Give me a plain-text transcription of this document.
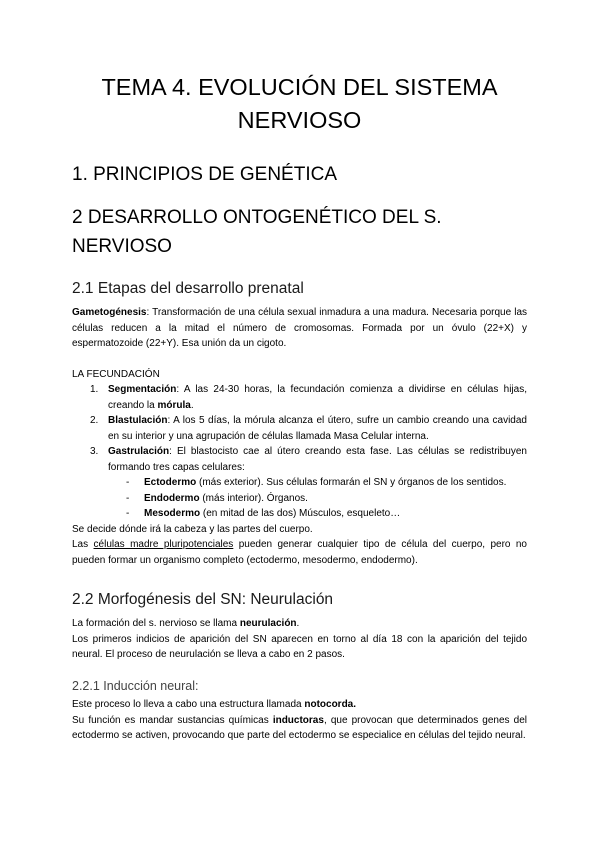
TEMA 4. EVOLUCIÓN DEL SISTEMA NERVIOSO
1. PRINCIPIOS DE GENÉTICA
2 DESARROLLO ONTOGENÉTICO DEL S. NERVIOSO
2.1 Etapas del desarrollo prenatal

Gametogénesis: Transformación de una célula sexual inmadura a una madura. Necesaria porque las células reducen a la mitad el número de cromosomas. Formada por un óvulo (22+X) y espermatozoide (22+Y). Esa unión da un cigoto.

LA FECUNDACIÓN

1. Segmentación: A las 24-30 horas, la fecundación comienza a dividirse en células hijas, creando la mórula.
2. Blastulación: A los 5 días, la mórula alcanza el útero, sufre un cambio creando una cavidad en su interior y una agrupación de células llamada Masa Celular interna.
3. Gastrulación: El blastocisto cae al útero creando esta fase. Las células se redistribuyen formando tres capas celulares:
- Ectodermo (más exterior). Sus células formarán el SN y órganos de los sentidos.
- Endodermo (más interior). Órganos.
- Mesodermo (en mitad de las dos) Músculos, esqueleto…

Se decide dónde irá la cabeza y las partes del cuerpo.

Las células madre pluripotenciales pueden generar cualquier tipo de célula del cuerpo, pero no pueden formar un organismo completo (ectodermo, mesodermo, endodermo).

2.2 Morfogénesis del SN: Neurulación

La formación del s. nervioso se llama neurulación.

Los primeros indicios de aparición del SN aparecen en torno al día 18 con la aparición del tejido neural. El proceso de neurulación se lleva a cabo en 2 pasos.

2.2.1 Inducción neural:

Este proceso lo lleva a cabo una estructura llamada notocorda.

Su función es mandar sustancias químicas inductoras, que provocan que determinados genes del ectodermo se activen, provocando que parte del ectodermo se especialice en células del tejido neural.
